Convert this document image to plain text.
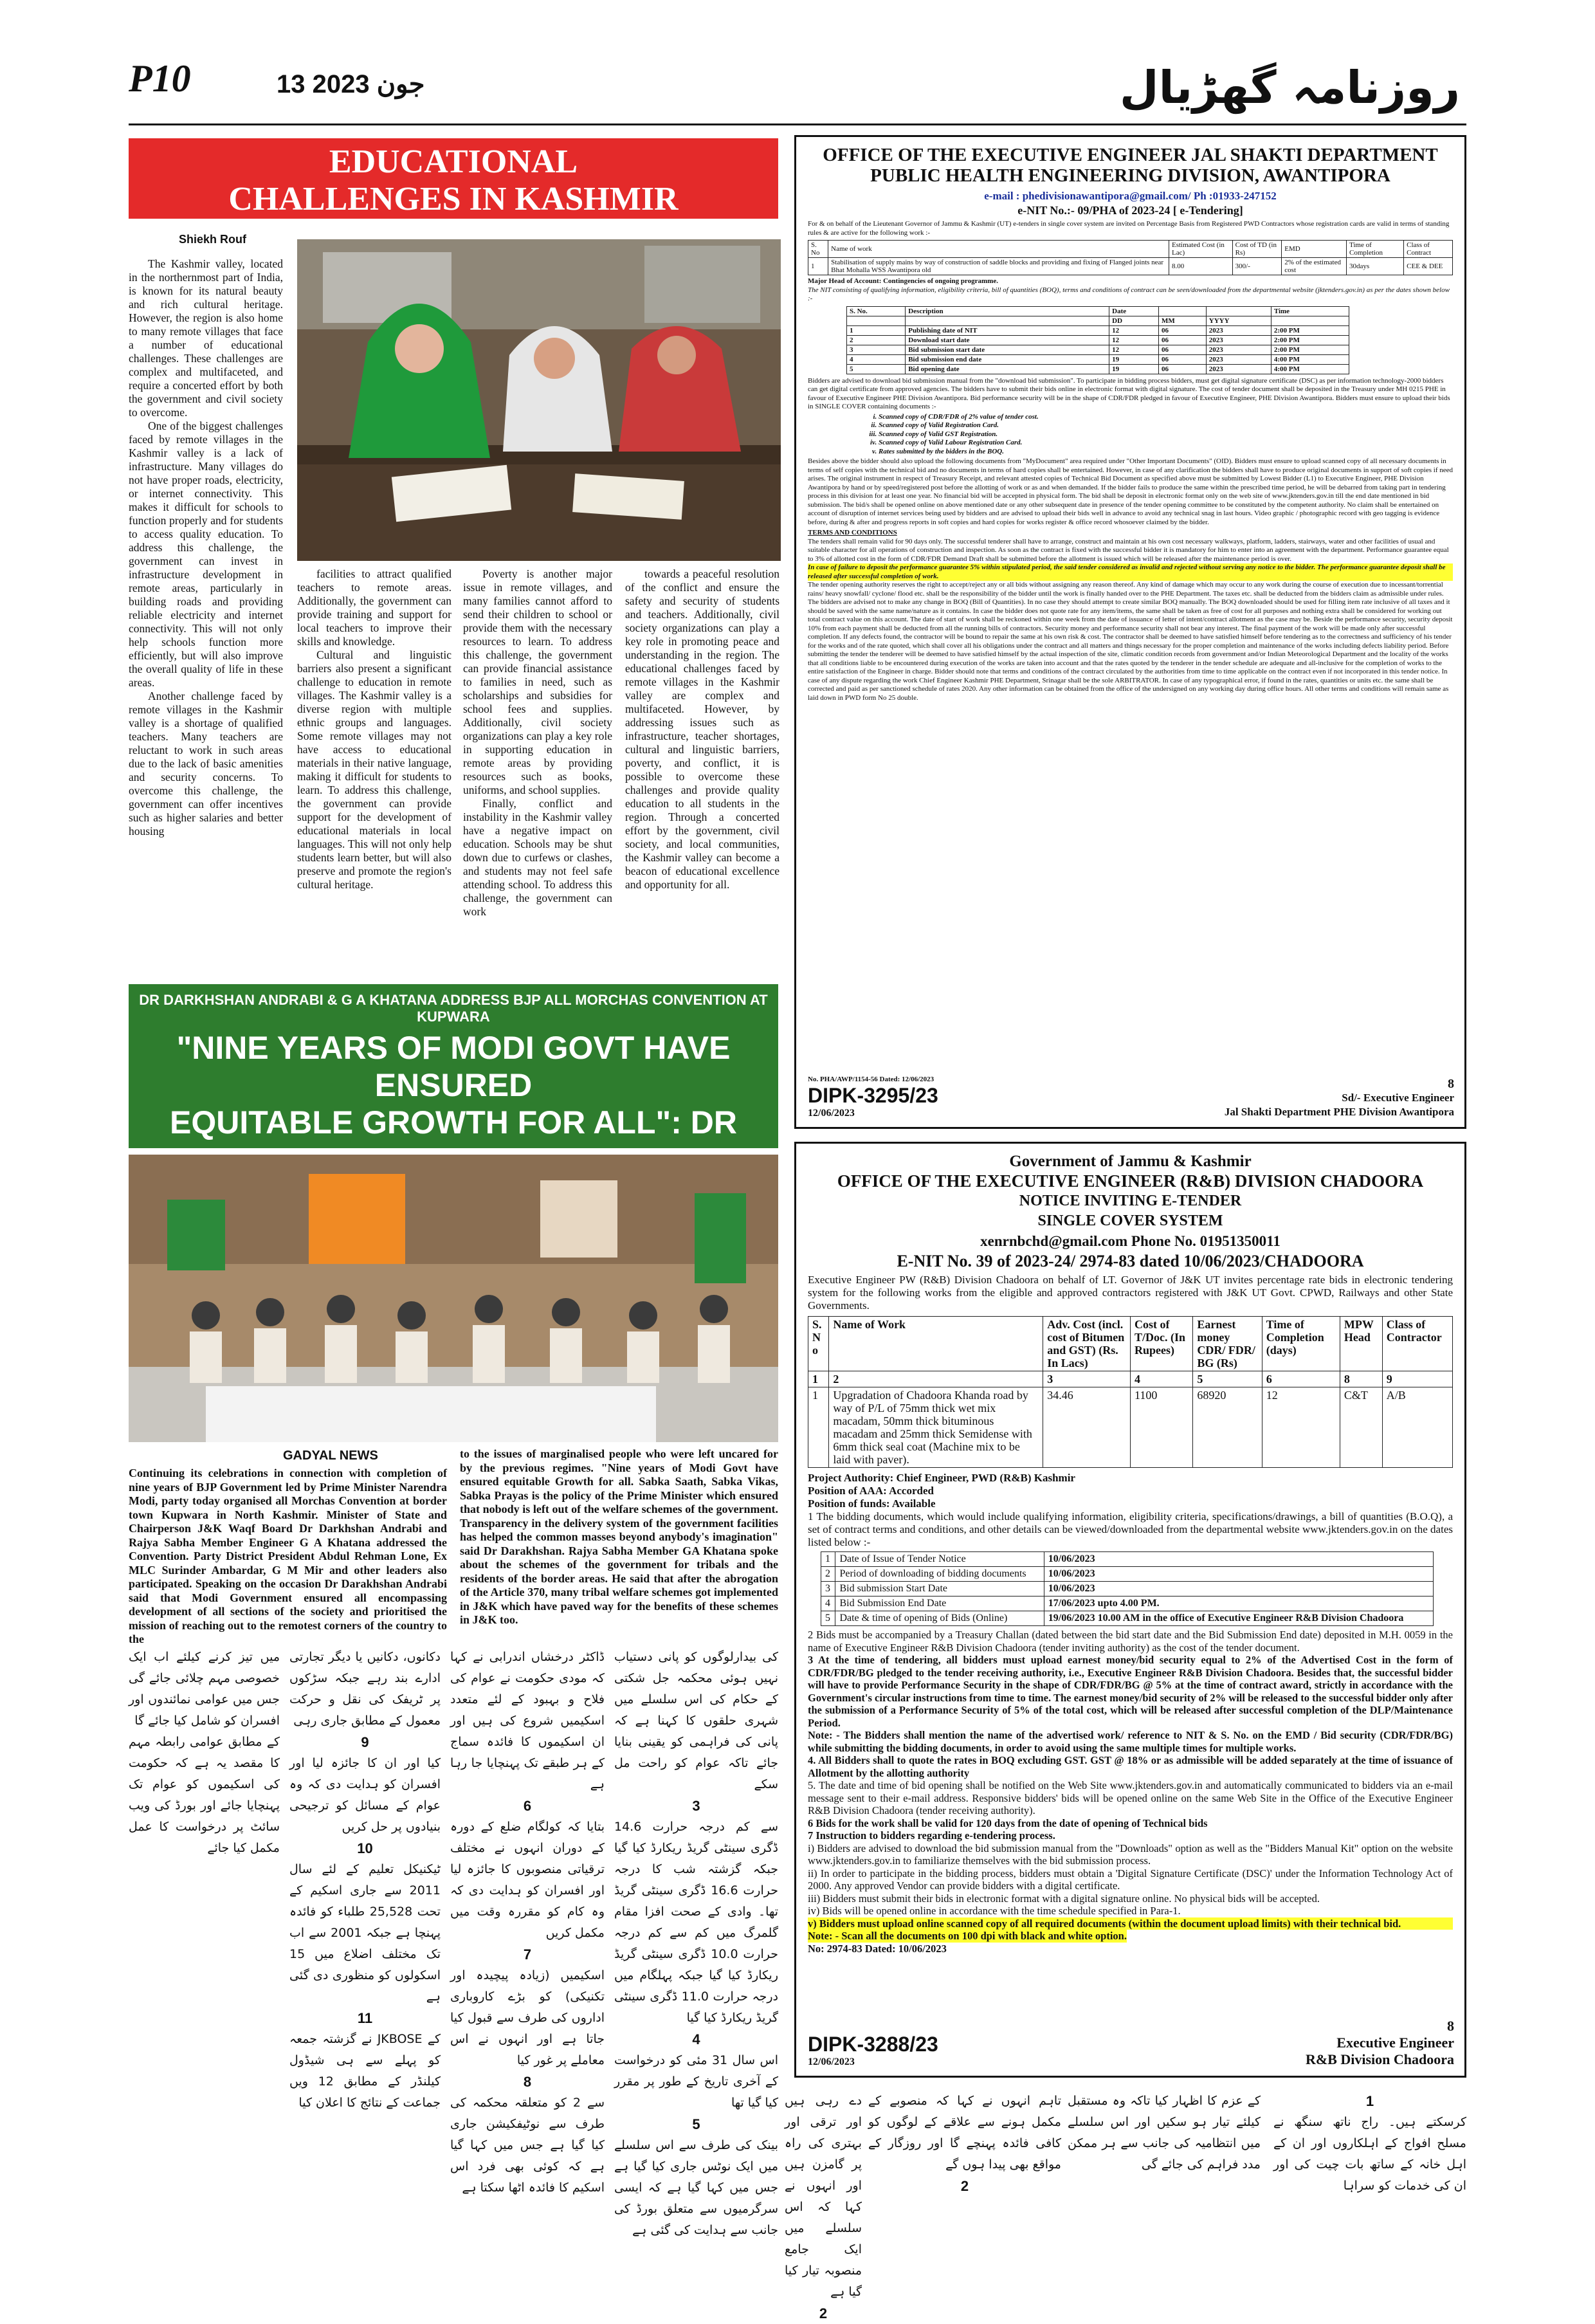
P10	13 جون 2023	روزنامہ گھڑیال
EDUCATIONAL
CHALLENGES IN KASHMIR
Shiekh Rouf

The Kashmir valley, located in the northernmost part of India, is known for its natural beauty and rich cultural heritage. However, the region is also home to many remote villages that face a number of educational challenges. These challenges are complex and multifaceted, and require a concerted effort by both the government and civil society to overcome.

One of the biggest challenges faced by remote villages in the Kashmir valley is a lack of infrastructure. Many villages do not have proper roads, electricity, or internet connectivity. This makes it difficult for schools to function properly and for students to access quality education. To address this challenge, the government can invest in infrastructure development in remote areas, particularly in building roads and providing reliable electricity and internet connectivity. This will not only help schools function more efficiently, but will also improve the overall quality of life in these areas.

Another challenge faced by remote villages in the Kashmir valley is a shortage of qualified teachers. Many teachers are reluctant to work in such areas due to the lack of basic amenities and security concerns. To overcome this challenge, the government can offer incentives such as higher salaries and better housing

facilities to attract qualified teachers to remote areas. Additionally, the government can provide training and support for local teachers to improve their skills and knowledge.

Cultural and linguistic barriers also present a significant challenge to education in remote villages. The Kashmir valley is a diverse region with multiple ethnic groups and languages. Some remote villages may not have access to educational materials in their native language, making it difficult for students to learn. To address this challenge, the government can provide support for the development of educational materials in local languages. This will not only help students learn better, but will also preserve and promote the region's cultural heritage.

Poverty is another major issue in remote villages, and many families cannot afford to send their children to school or provide them with the necessary resources to learn. To address this challenge, the government can provide financial assistance to families in need, such as scholarships and subsidies for school fees and supplies. Additionally, civil society organizations can play a key role in supporting education in remote areas by providing resources such as books, uniforms, and school supplies.

Finally, conflict and instability in the Kashmir valley have a negative impact on education. Schools may be shut down due to curfews or clashes, and students may not feel safe attending school. To address this challenge, the government can work

towards a peaceful resolution of the conflict and ensure the safety and security of students and teachers. Additionally, civil society organizations can play a key role in promoting peace and understanding in the region. The educational challenges faced by remote villages in the Kashmir valley are complex and multifaceted. However, by addressing issues such as infrastructure, teacher shortages, cultural and linguistic barriers, poverty, and conflict, it is possible to overcome these challenges and provide quality education to all students in the region. Through a concerted effort by the government, civil society, and local communities, the Kashmir valley can become a beacon of educational excellence and opportunity for all.

DR DARKHSHAN ANDRABI & G A KHATANA ADDRESS BJP ALL MORCHAS CONVENTION AT KUPWARA
"NINE YEARS OF MODI GOVT HAVE ENSURED
EQUITABLE GROWTH FOR ALL": DR
GADYAL NEWS
Continuing its celebrations in connection with completion of nine years of BJP Government led by Prime Minister Narendra Modi, party today organised all Morchas Convention at border town Kupwara in North Kashmir. Minister of State and Chairperson J&K Waqf Board Dr Darkhshan Andrabi and Rajya Sabha Member Engineer G A Khatana addressed the Convention. Party District President Abdul Rehman Lone, Ex MLC Surinder Ambardar, G M Mir and other leaders also participated. Speaking on the occasion Dr Darakhshan Andrabi said that Modi Government ensured all encompassing development of all sections of the society and prioritised the mission of reaching out to the remotest corners of the country to the
to the issues of marginalised people who were left uncared for by the previous regimes. "Nine years of Modi Govt have ensured equitable Growth for all. Sabka Saath, Sabka Vikas, Sabka Prayas is the policy of the Prime Minister which ensured that nobody is left out of the welfare schemes of the government. Transparency in the delivery system of the government facilities has helped the common masses beyond anybody's imagination" said Dr Darakhshan. Rajya Sabha Member GA Khatana spoke about the schemes of the government for tribals and the residents of the border areas. He said that after the abrogation of the Article 370, many tribal welfare schemes got implemented in J&K which have paved way for the benefits of these schemes in J&K too.
کی بیدارلوگوں کو پانی دستیاب نہیں ہوئی محکمہ جل شکتی کے حکام کی اس سلسلے میں شہری حلقوں کا کہنا ہے کہ پانی کی فراہمی کو یقینی بنایا جائے تاکہ عوام کو راحت مل سکے
3
سے کم درجہ حرارت 14.6 ڈگری سینٹی گریڈ ریکارڈ کیا گیا جبکہ گزشتہ شب کا درجہ حرارت 16.6 ڈگری سینٹی گریڈ تھا۔ وادی کے صحت افزا مقام گلمرگ میں کم سے کم درجہ حرارت 10.0 ڈگری سینٹی گریڈ ریکارڈ کیا گیا جبکہ پہلگام میں درجہ حرارت 11.0 ڈگری سینٹی گریڈ ریکارڈ کیا گیا
4
اس سال 31 مئی کو درخواست کے آخری تاریخ کے طور پر مقرر کیا گیا تھا
5
بینک کی طرف سے اس سلسلے میں ایک نوٹس جاری کیا گیا ہے جس میں کہا گیا ہے کہ ایسی سرگرمیوں سے متعلق بورڈ کی جانب سے ہدایت کی گئی ہے
ڈاکٹر درخشاں اندرابی نے کہا کہ مودی حکومت نے عوام کی فلاح و بہبود کے لئے متعدد اسکیمیں شروع کی ہیں اور ان اسکیموں کا فائدہ سماج کے ہر طبقے تک پہنچایا جا رہا ہے
6
بتایا کہ کولگام ضلع کے دورہ کے دوران انہوں نے مختلف ترقیاتی منصوبوں کا جائزہ لیا اور افسران کو ہدایت دی کہ وہ کام کو مقررہ وقت میں مکمل کریں
7
اسکیمیں (زیادہ پیچیدہ اور تکنیکی) کو بڑے کاروباری اداروں کی طرف سے قبول کیا جاتا ہے اور انہوں نے اس معاملے پر غور کیا
8
سے 2 کو متعلقہ محکمہ کی طرف سے نوٹیفکیشن جاری کیا گیا ہے جس میں کہا گیا ہے کہ کوئی بھی فرد اس اسکیم کا فائدہ اٹھا سکتا ہے
دکانوں، دکانیں یا دیگر تجارتی ادارے بند رہے جبکہ سڑکوں پر ٹریفک کی نقل و حرکت معمول کے مطابق جاری رہی
9
کیا اور ان کا جائزہ لیا اور افسران کو ہدایت دی کہ وہ عوام کے مسائل کو ترجیحی بنیادوں پر حل کریں
10
ٹیکنیکل تعلیم کے لئے سال 2011 سے جاری اسکیم کے تحت 25,528 طلباء کو فائدہ پہنچا ہے جبکہ 2001 سے اب تک مختلف اضلاع میں 15 اسکولوں کو منظوری دی گئی ہے
11
کے JKBOSE نے گزشتہ جمعہ کو پہلے سے ہی شیڈول کیلنڈر کے مطابق 12 ویں جماعت کے نتائج کا اعلان کیا
میں تیز کرنے کیلئے اب ایک خصوصی مہم چلائی جائے گی جس میں عوامی نمائندوں اور افسران کو شامل کیا جائے گا
کے مطابق عوامی رابطہ مہم کا مقصد یہ ہے کہ حکومت کی اسکیموں کو عوام تک پہنچایا جائے اور بورڈ کی ویب سائٹ پر درخواست کا عمل مکمل کیا جائے
1
کرسکتے ہیں۔ راج ناتھ سنگھ نے مسلح افواج کے اہلکاروں اور ان کے اہل خانہ کے ساتھ بات چیت کی اور ان کی خدمات کو سراہا
کے عزم کا اظہار کیا تاکہ وہ مستقبل کیلئے تیار ہو سکیں اور اس سلسلے میں انتظامیہ کی جانب سے ہر ممکن مدد فراہم کی جائے گی
تاہم انہوں نے کہا کہ منصوبے کے مکمل ہونے سے علاقے کے لوگوں کو کافی فائدہ پہنچے گا اور روزگار کے مواقع بھی پیدا ہوں گے
2
دے رہی ہیں اور ترقی اور بہتری کی راہ پر گامزن ہیں اور انہوں نے کہا کہ اس سلسلے میں ایک جامع منصوبہ تیار کیا گیا ہے
2
OFFICE OF THE EXECUTIVE ENGINEER JAL SHAKTI DEPARTMENT
PUBLIC HEALTH ENGINEERING DIVISION, AWANTIPORA
e-mail : phedivisionawantipora@gmail.com/ Ph :01933-247152
e-NIT No.:- 09/PHA of 2023-24 [ e-Tendering]
For & on behalf of the Lieutenant Governor of Jammu & Kashmir (UT) e-tenders in single cover system are invited on Percentage Basis from Registered PWD Contractors whose registration cards are valid in terms of standing rules & are active for the following work :-
S. No	Name of work	Estimated Cost (in Lac)	Cost of TD (in Rs)	EMD	Time of Completion	Class of Contract
1	Stabilisation of supply mains by way of construction of saddle blocks and providing and fixing of Flanged joints near Bhat Mohalla WSS Awantipora old	8.00	300/-	2% of the estimated cost	30days	CEE & DEE
Major Head of Account: Contingencies of ongoing programme.
The NIT consisting of qualifying information, eligibility criteria, bill of quantities (BOQ), terms and conditions of contract can be seen/downloaded from the departmental website (jktenders.gov.in) as per the dates shown below :-
S. No.	Description	Date			Time
		DD	MM	YYYY	
1	Publishing date of NIT	12	06	2023	2:00 PM
2	Download start date	12	06	2023	2:00 PM
3	Bid submission start date	12	06	2023	2:00 PM
4	Bid submission end date	19	06	2023	4:00 PM
5	Bid opening date	19	06	2023	4:00 PM
Bidders are advised to download bid submission manual from the "download bid submission". To participate in bidding process bidders, must get digital signature certificate (DSC) as per information technology-2000 bidders can get digital certificate from approved agencies. The bidders have to submit their bids online in electronic format with digital signature. The cost of tender document shall be deposited in the Treasury under MH 0215 PHE in favour of Executive Engineer PHE Division Awantipora. Bid performance security will be in the shape of CDR/FDR pledged in favour of Executive Engineer, PHE Division Awantipora. Bidders must ensure to upload their bids in SINGLE COVER containing documents :-
i. Scanned copy of CDR/FDR of 2% value of tender cost.
ii. Scanned copy of Valid Registration Card.
iii. Scanned copy of Valid GST Registration.
iv. Scanned copy of Valid Labour Registration Card.
v. Rates submitted by the bidders in the BOQ.
Besides above the bidder should also upload the following documents from "MyDocument" area required under "Other Important Documents" (OID). Bidders must ensure to upload scanned copy of all necessary documents in terms of self copies with the technical bid and no documents in terms of hard copies shall be entertained. However, in case of any clarification the bidders shall have to produce original documents in support of soft copies if need arises. The original instrument in respect of Treasury Receipt, and relevant attested copies of Technical Bid Document as specified above must be submitted by Lowest Bidder (L1) to Executive Engineer, PHE Division Awantipora by hand or by speed/registered post before the allotting of work or as and when demanded. If the bidder fails to produce the same within the prescribed time period, he will be debarred from taking part in tendering process in this division for at least one year. No financial bid will be accepted in physical form. The bid shall be deposit in electronic format only on the web site of www.jktenders.gov.in till the end date mentioned in bid submission. The bid/s shall be opened online on above mentioned date or any other subsequent date in presence of the tender opening committee to be constituted by the competent authority. No claim shall be entertained on account of disruption of internet services being used by bidders and are advised to upload their bids well in advance to avoid any technical snag in last hours. Video graphic / photographic record with geo tagging is evidence before, during & after and progress reports in soft copies and hard copies for works register & office record whosoever claimed by the bidder.
TERMS AND CONDITIONS
The tenders shall remain valid for 90 days only. The successful tenderer shall have to arrange, construct and maintain at his own cost necessary walkways, platform, ladders, stairways, water and other facilities of usual and suitable character for all operations of construction and inspection. As soon as the contract is fixed with the successful bidder it is mandatory for him to enter into an agreement with the department. Performance guarantee equal to 3% of allotted cost in the form of CDR/FDR Demand Draft shall be submitted before the allotment is issued which will be released after the maintenance period is over.
In case of failure to deposit the performance guarantee 5% within stipulated period, the said tender considered as invalid and rejected without serving any notice to the bidder. The performance guarantee deposit shall be released after successful completion of work.
The tender opening authority reserves the right to accept/reject any or all bids without assigning any reason thereof. Any kind of damage which may occur to any work during the course of execution due to incessant/torrential rains/ heavy snowfall/ cyclone/ flood etc. shall be the responsibility of the bidder until the work is finally handed over to the PHE Department. The taxes etc. shall be deducted from the bidders claim as admissible under rules. The bidders are advised not to make any change in BOQ (Bill of Quantities). In no case they should attempt to create similar BOQ manually. The BOQ downloaded should be used for filling item rate inclusive of all taxes and it should be saved with the same name/nature as it contains. In case the bidder does not quote rate for any item/items, the same shall be taken as free of cost for all purposes and nothing extra shall be considered for working out total contract value on this account. The date of start of work shall be reckoned within one week from the date of issuance of letter of intent/contract allotment as the case may be. Beside the performance security, security deposit 10% from each payment shall be deducted from all the running bills of contractors. Security money and performance security shall not bear any interest. The final payment of the work will be made only after successful completion. If any defects found, the contractor will be bound to repair the same at his own risk & cost. The contractor shall be deemed to have satisfied himself before tendering as to the correctness and sufficiency of his tender for the works and of the rate quoted, which shall cover all his obligations under the contract and all matters and things necessary for the proper completion and maintenance of the works including defects liability period. Before submitting the tender the tenderer will be deemed to have satisfied himself by the actual inspection of the site, climatic condition records from government and/or Indian Meteorological Department and the locality of the works that all conditions liable to be encountered during execution of the works are taken into account and that the rates quoted by the tenderer in the tender schedule are adequate and all-inclusive for the completion of works to the entire satisfaction of the Engineer in charge. Bidder should note that terms and conditions of the contract circulated by the authorities from time to time applicable on the contract even if not incorporated in this tender notice. In case of any dispute regarding the work Chief Engineer Kashmir PHE Department, Srinagar shall be the sole ARBITRATOR. In case of any typographical error, if found in the rates, quantities or units etc. the same shall be corrected and paid as per sanctioned schedule of rates 2020. Any other information can be obtained from the office of the undersigned on any working day during office hours. All other terms and conditions will remain same as laid down in PWD form No 25 double.
No. PHA/AWP/1154-56 Dated: 12/06/2023
DIPK-3295/23
12/06/2023
8
Sd/- Executive Engineer
Jal Shakti Department PHE Division Awantipora
Government of Jammu & Kashmir
OFFICE OF THE EXECUTIVE ENGINEER (R&B) DIVISION CHADOORA
NOTICE INVITING E-TENDER
SINGLE COVER SYSTEM
xenrnbchd@gmail.com Phone No. 01951350011
E-NIT No. 39 of 2023-24/ 2974-83 dated 10/06/2023/CHADOORA
Executive Engineer PW (R&B) Division Chadoora on behalf of LT. Governor of J&K UT invites percentage rate bids in electronic tendering system for the following works from the eligible and approved contractors registered with J&K UT Govt. CPWD, Railways and other State Governments.
S. N o	Name of Work	Adv. Cost (incl. cost of Bitumen and GST) (Rs. In Lacs)	Cost of T/Doc. (In Rupees)	Earnest money CDR/ FDR/ BG (Rs)	Time of Completion (days)	MPW Head	Class of Contractor
1	2	3	4	5	6	8	9
1	Upgradation of Chadoora Khanda road by way of P/L of 75mm thick wet mix macadam, 50mm thick bituminous macadam and 25mm thick Semidense with 6mm thick seal coat (Machine mix to be laid with paver).	34.46	1100	68920	12	C&T	A/B
Project Authority: Chief Engineer, PWD (R&B) Kashmir
Position of AAA: Accorded
Position of funds: Available
1 The bidding documents, which would include qualifying information, eligibility criteria, specifications/drawings, a bill of quantities (B.O.Q), a set of contract terms and conditions, and other details can be viewed/downloaded from the departmental website www.jktenders.gov.in on the dates listed below :-
1	Date of Issue of Tender Notice	10/06/2023
2	Period of downloading of bidding documents	10/06/2023
3	Bid submission Start Date	10/06/2023
4	Bid Submission End Date	17/06/2023 upto 4.00 PM.
5	Date & time of opening of Bids (Online)	19/06/2023 10.00 AM in the office of Executive Engineer R&B Division Chadoora
2 Bids must be accompanied by a Treasury Challan (dated between the bid start date and the Bid Submission End date) deposited in M.H. 0059 in the name of Executive Engineer R&B Division Chadoora (tender inviting authority) as the cost of the tender document.
3 At the time of tendering, all bidders must upload earnest money/bid security equal to 2% of the Advertised Cost in the form of CDR/FDR/BG pledged to the tender receiving authority, i.e., Executive Engineer R&B Division Chadoora. Besides that, the successful bidder will have to provide Performance Security in the shape of CDR/FDR/BG @ 5% at the time of contract award, strictly in accordance with the Government's circular instructions from time to time. The earnest money/bid security of 2% will be released to the successful bidder only after the submission of a Performance Security of 5% of the total cost, which will be released after successful completion of the DLP/Maintenance Period.
Note: - The Bidders shall mention the name of the advertised work/ reference to NIT & S. No. on the EMD / Bid security (CDR/FDR/BG) while submitting the bidding documents, in order to avoid using the same multiple times for multiple works.
4. All Bidders shall to quote the rates in BOQ excluding GST. GST @ 18% or as admissible will be added separately at the time of issuance of Allotment by the allotting authority
5. The date and time of bid opening shall be notified on the Web Site www.jktenders.gov.in and automatically communicated to bidders via an e-mail message sent to their e-mail address. Responsive bidders' bids will be opened online on the same Web Site in the Office of the Executive Engineer R&B Division Chadoora (tender receiving authority).
6 Bids for the work shall be valid for 120 days from the date of opening of Technical bids
7 Instruction to bidders regarding e-tendering process.
i) Bidders are advised to download the bid submission manual from the "Downloads" option as well as the "Bidders Manual Kit" option on the website www.jktenders.gov.in to familiarize themselves with the bid submission process.
ii) In order to participate in the bidding process, bidders must obtain a 'Digital Signature Certificate (DSC)' under the Information Technology Act of 2000. Any approved Vendor can provide bidders with a digital certificate.
iii) Bidders must submit their bids in electronic format with a digital signature online. No physical bids will be accepted.
iv) Bids will be opened online in accordance with the time schedule specified in Para-1.
v) Bidders must upload online scanned copy of all required documents (within the document upload limits) with their technical bid.
Note: - Scan all the documents on 100 dpi with black and white option.
No: 2974-83 Dated: 10/06/2023
DIPK-3288/23
12/06/2023
8
Executive Engineer
R&B Division Chadoora
